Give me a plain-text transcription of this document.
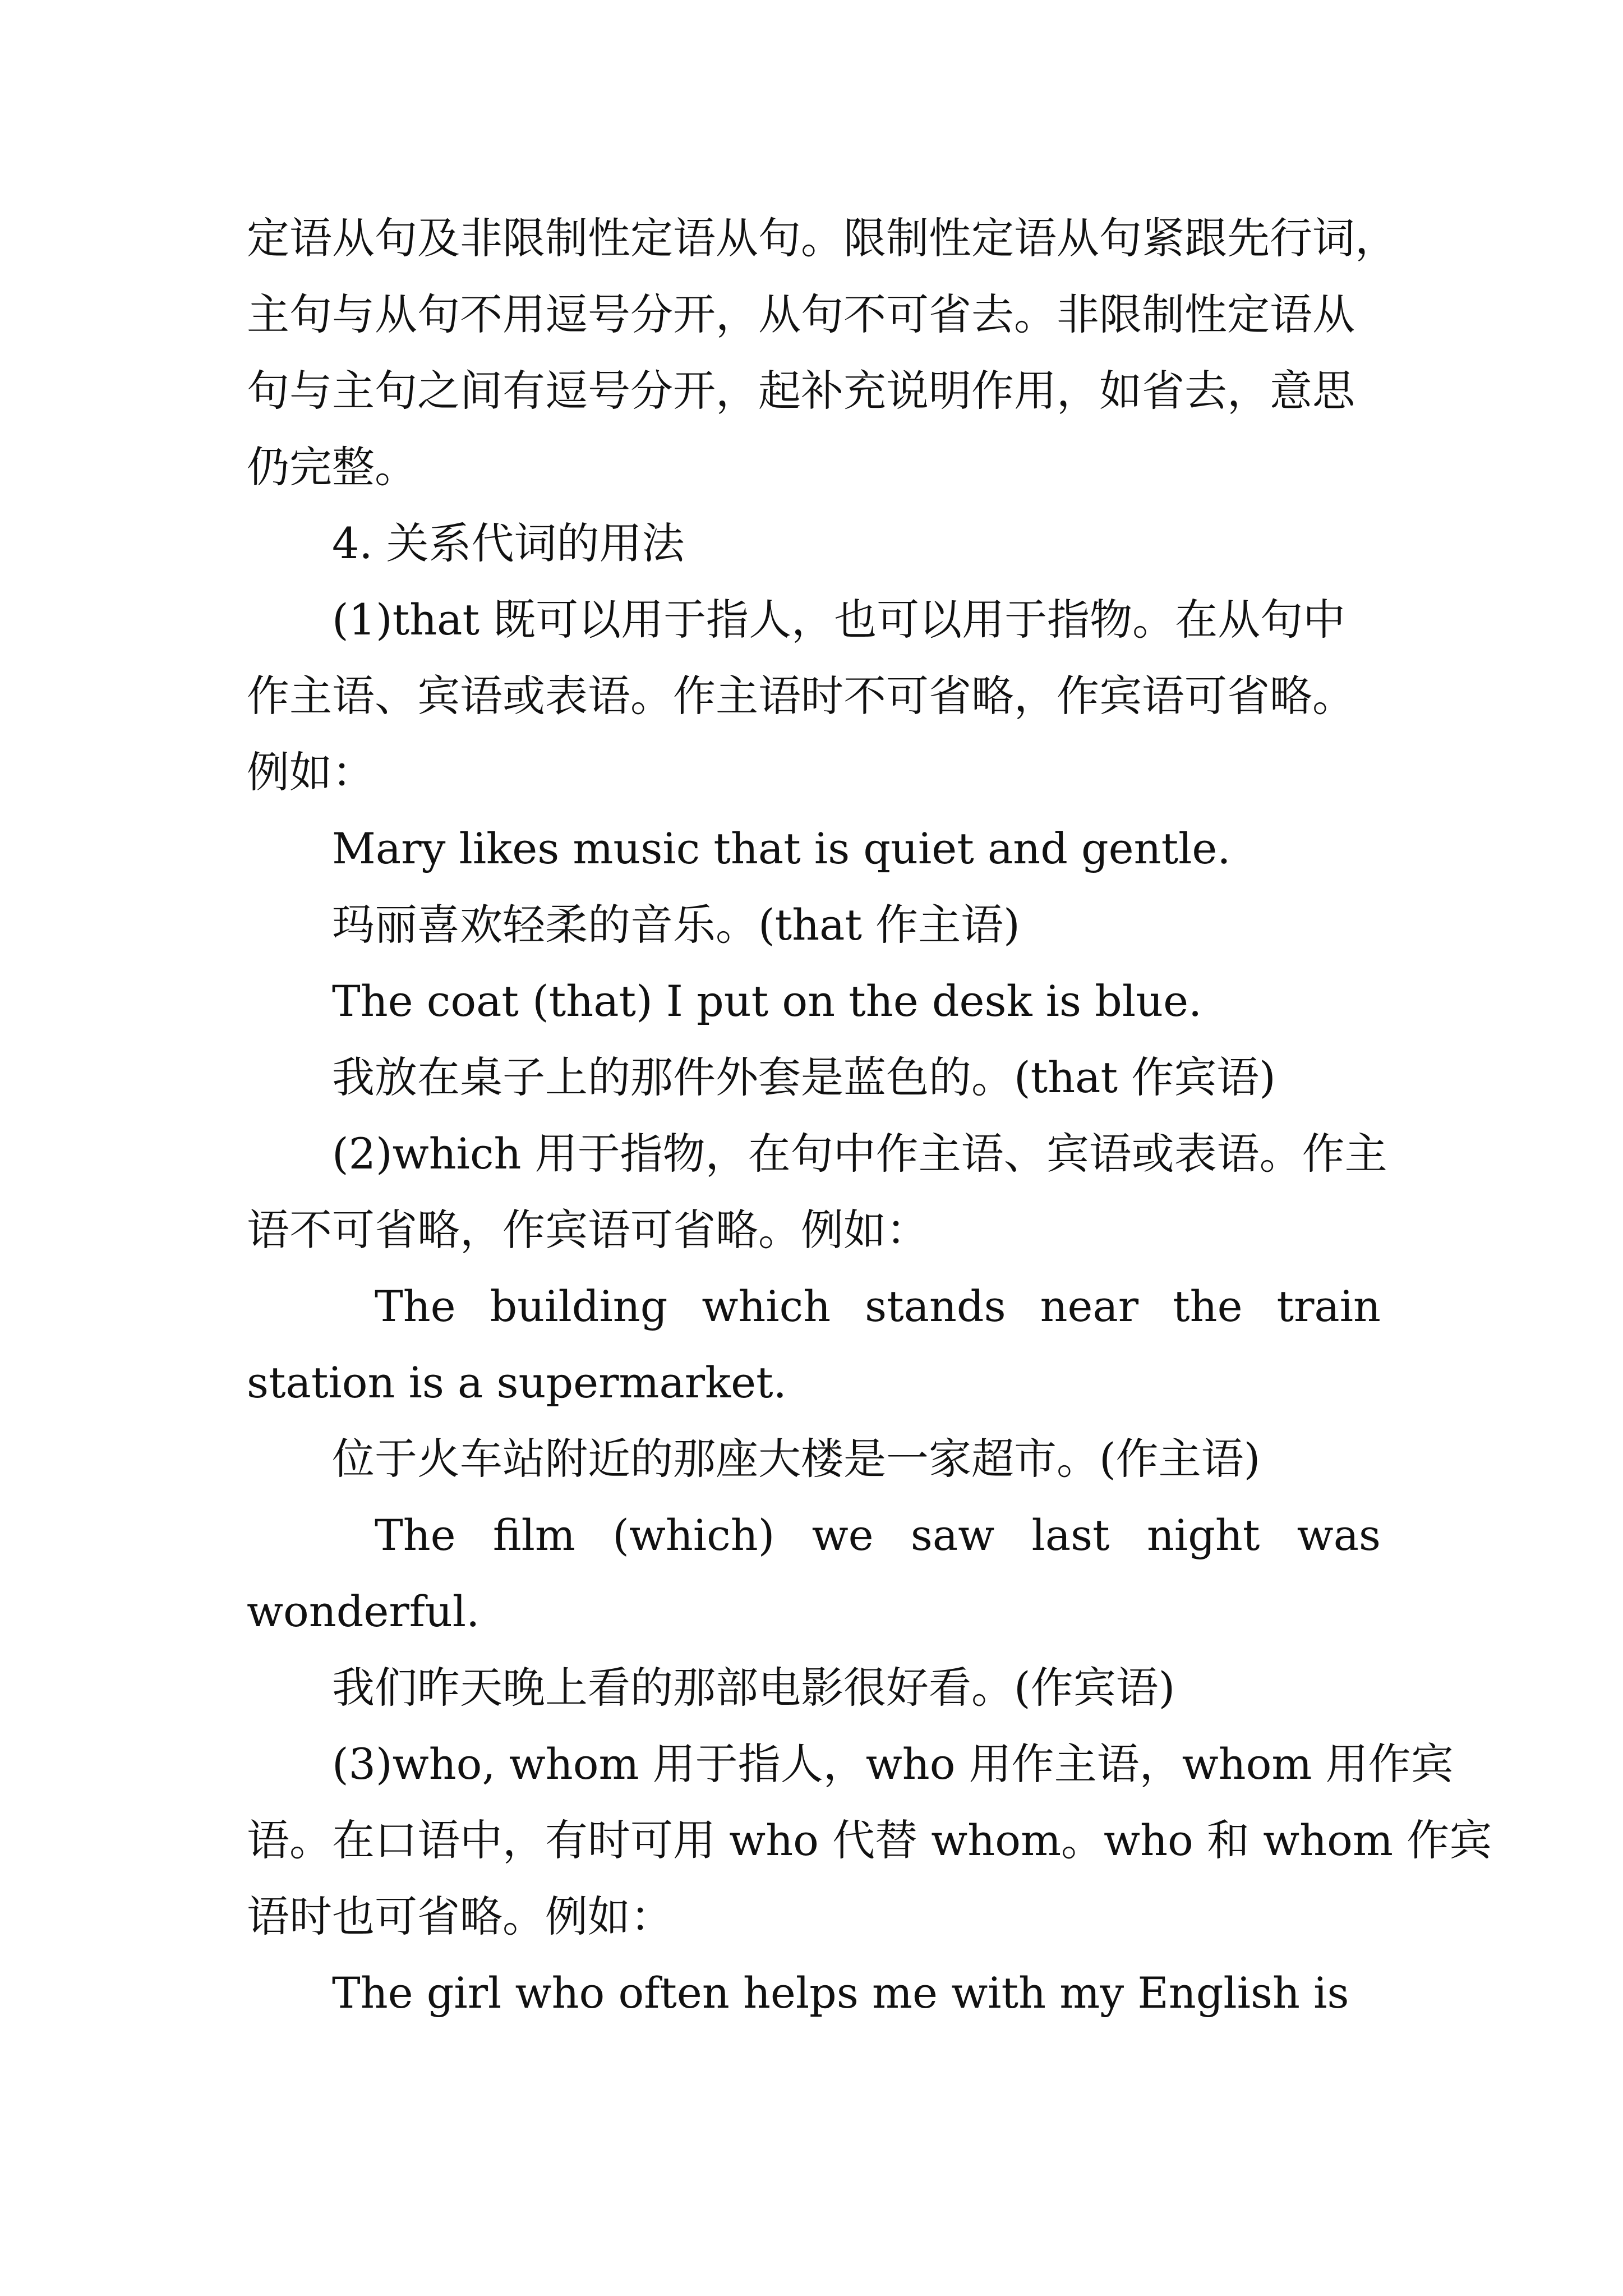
定语从句及非限制性定语从句。限制性定语从句紧跟先行词，
主句与从句不用逗号分开，从句不可省去。非限制性定语从
句与主句之间有逗号分开，起补充说明作用，如省去，意思
仍完整。
4. 关系代词的用法
(1)that 既可以用于指人，也可以用于指物。在从句中
作主语、宾语或表语。作主语时不可省略，作宾语可省略。
例如：
Mary likes music that is quiet and gentle.
玛丽喜欢轻柔的音乐。(that 作主语)
The coat (that) I put on the desk is blue.
我放在桌子上的那件外套是蓝色的。(that 作宾语)
(2)which 用于指物，在句中作主语、宾语或表语。作主
语不可省略，作宾语可省略。例如：
The building which stands near the train
station is a supermarket.
位于火车站附近的那座大楼是一家超市。(作主语)
The film (which) we saw last night was
wonderful.
我们昨天晚上看的那部电影很好看。(作宾语)
(3)who, whom 用于指人，who 用作主语，whom 用作宾
语。在口语中，有时可用 who 代替 whom。who 和 whom 作宾
语时也可省略。例如：
The girl who often helps me with my English is
